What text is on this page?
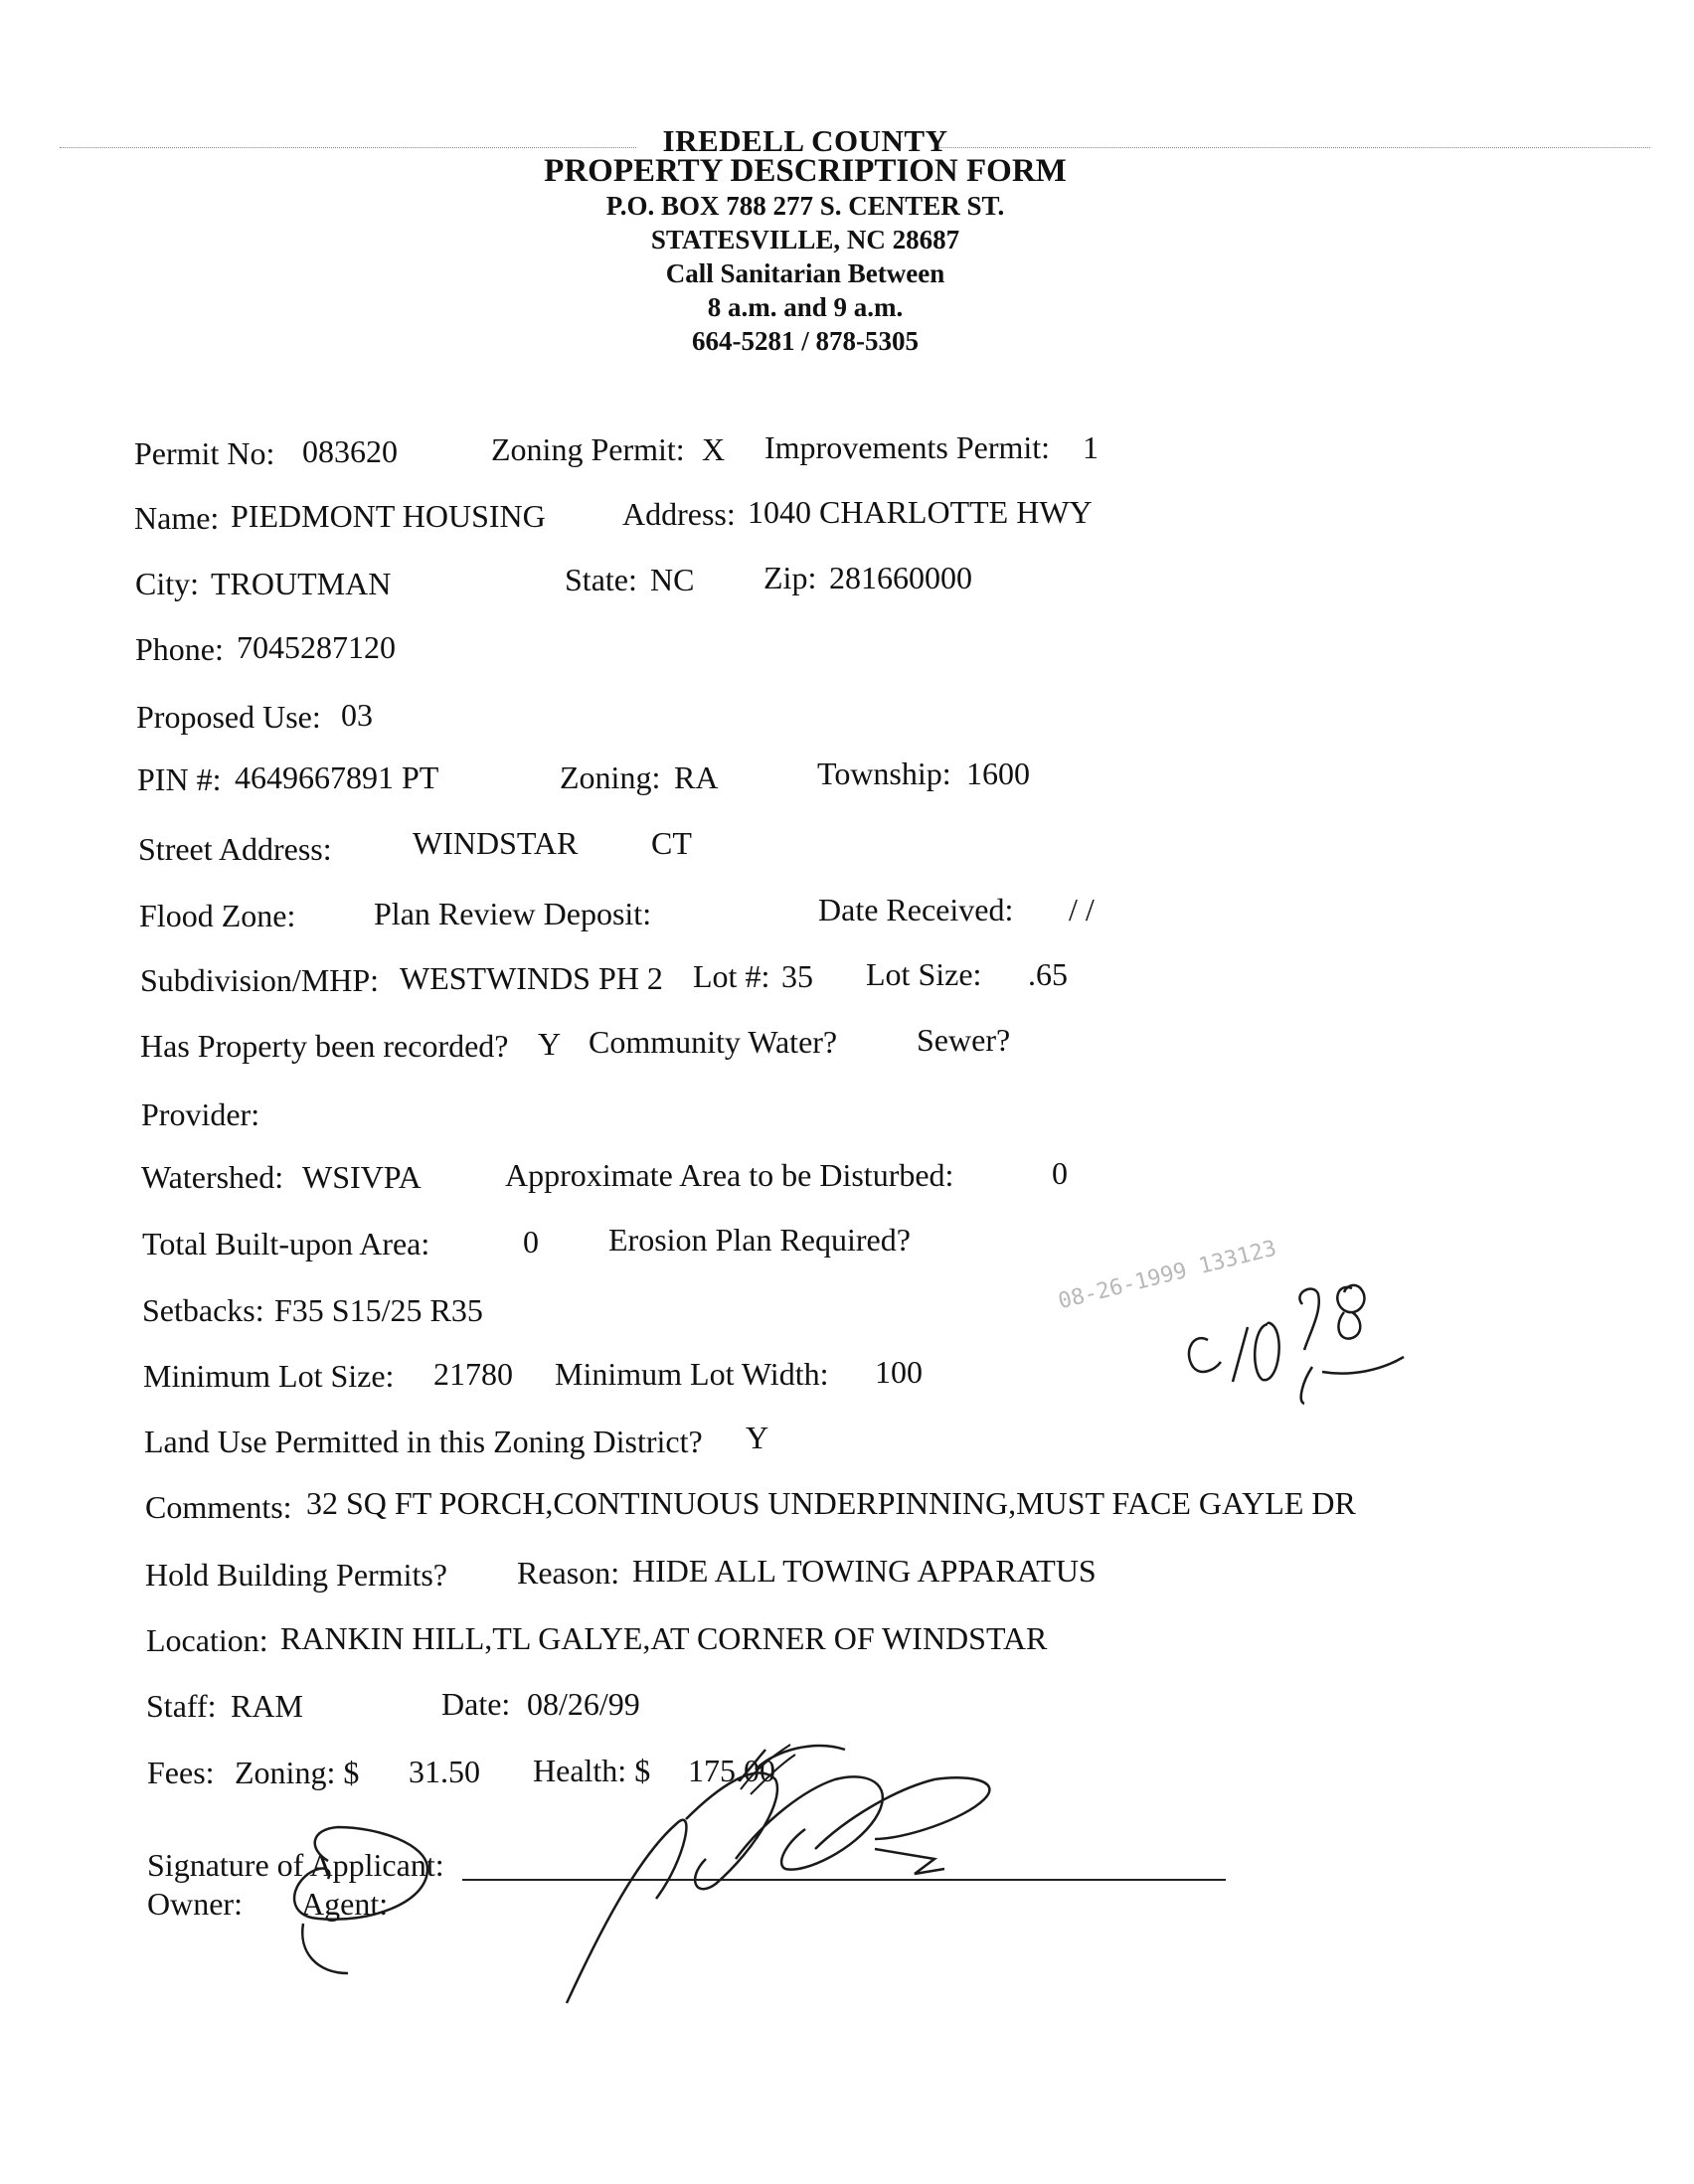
IREDELL COUNTY
PROPERTY DESCRIPTION FORM
P.O. BOX 788 277 S. CENTER ST.
STATESVILLE, NC 28687
Call Sanitarian Between
8 a.m. and 9 a.m.
664-5281 / 878-5305
Permit No: 083620	Zoning Permit: X Improvements Permit: 1
Name: PIEDMONT HOUSING Address: 1040 CHARLOTTE HWY
City: TROUTMAN	State: NC Zip: 281660000
Phone: 7045287120
Proposed Use: 03
PIN #: 4649667891 PT	Zoning: RA	Township: 1600
Street Address:	WINDSTAR CT
Flood Zone: Plan Review Deposit:	Date Received: / /
Subdivision/MHP: WESTWINDS PH 2 Lot #: 35 Lot Size: .65
Has Property been recorded? Y Community Water? Sewer?
Provider:
Watershed: WSIVPA	Approximate Area to be Disturbed:	0
Total Built-upon Area:	0 Erosion Plan Required?
Setbacks: F35 S15/25 R35
Minimum Lot Size: 21780 Minimum Lot Width: 100
Land Use Permitted in this Zoning District? Y
Comments: 32 SQ FT PORCH,CONTINUOUS UNDERPINNING,MUST FACE GAYLE DR
Hold Building Permits? Reason: HIDE ALL TOWING APPARATUS
Location: RANKIN HILL,TL GALYE,AT CORNER OF WINDSTAR
Staff: RAM	Date: 08/26/99
Fees: Zoning: $ 31.50 Health: $ 175.00
Signature of Applicant:
Owner: Agent:
08-26-1999 133123
